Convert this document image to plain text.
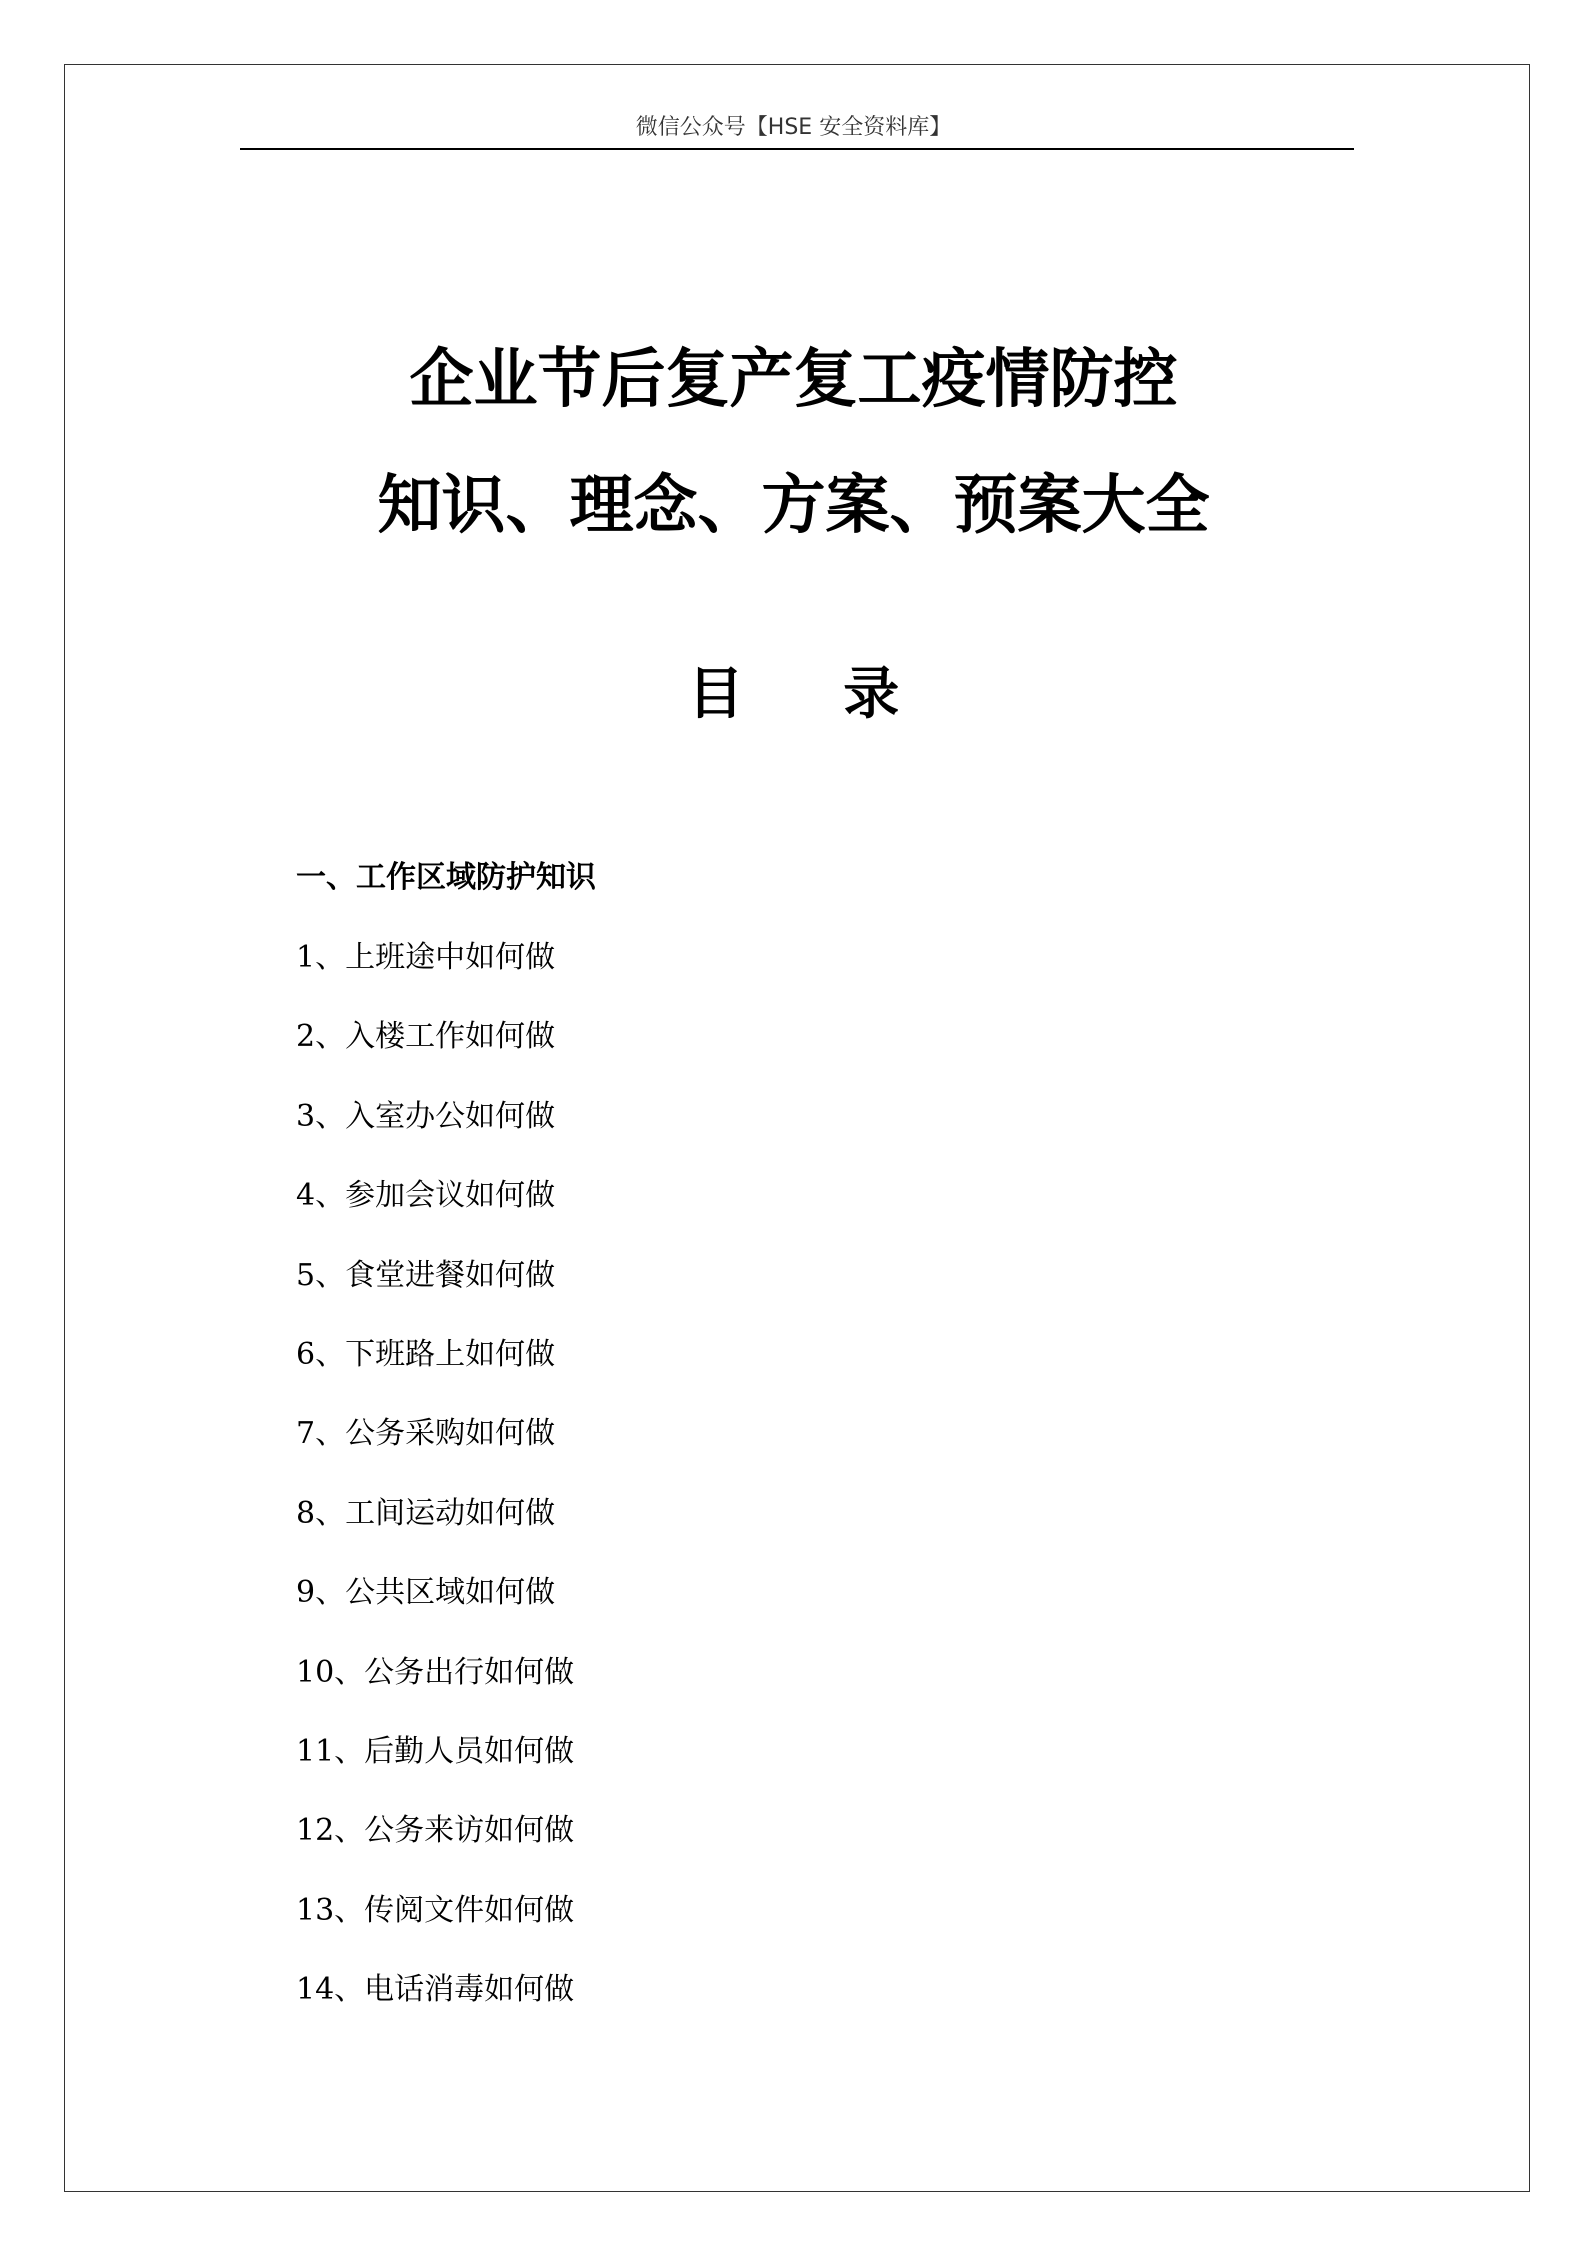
微信公众号【HSE 安全资料库】
企业节后复产复工疫情防控
知识、理念、方案、预案大全
目 录
一、工作区域防护知识
1、上班途中如何做
2、入楼工作如何做
3、入室办公如何做
4、参加会议如何做
5、食堂进餐如何做
6、下班路上如何做
7、公务采购如何做
8、工间运动如何做
9、公共区域如何做
10、公务出行如何做
11、后勤人员如何做
12、公务来访如何做
13、传阅文件如何做
14、电话消毒如何做
